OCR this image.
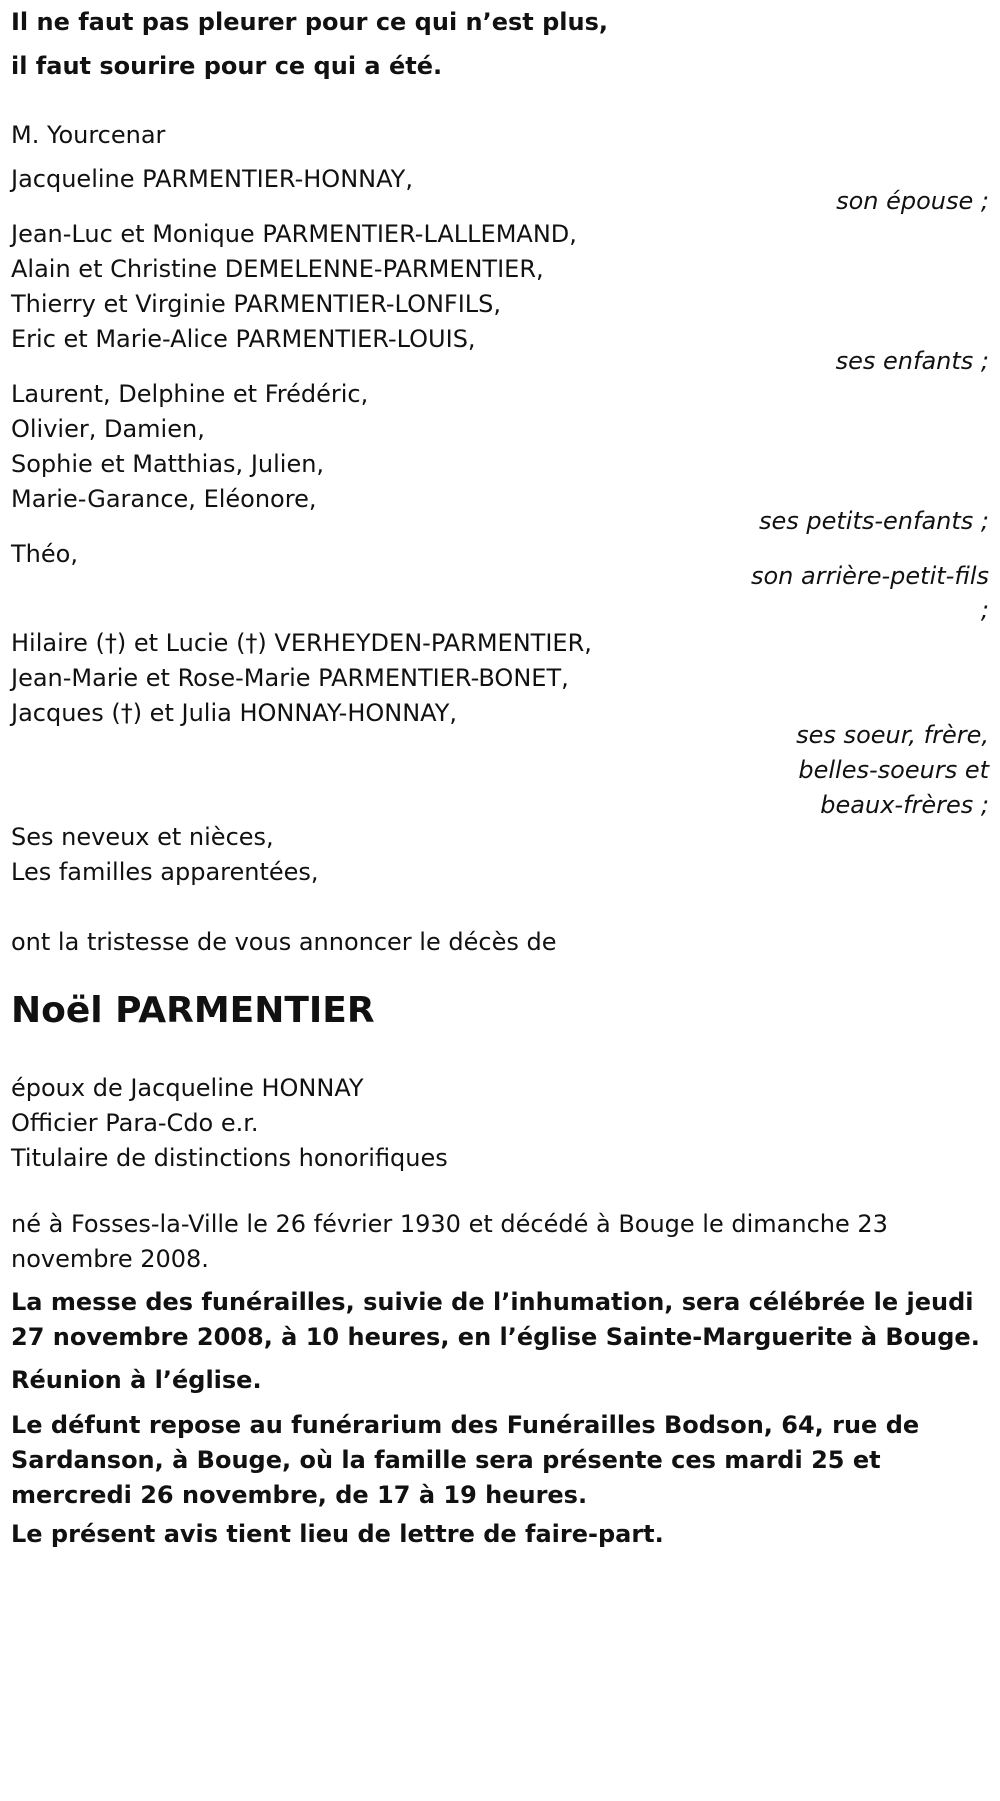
Il ne faut pas pleurer pour ce qui n’est plus,
il faut sourire pour ce qui a été.
M. Yourcenar
Jacqueline PARMENTIER-HONNAY,
son épouse ;
Jean-Luc et Monique PARMENTIER-LALLEMAND,
Alain et Christine DEMELENNE-PARMENTIER,
Thierry et Virginie PARMENTIER-LONFILS,
Eric et Marie-Alice PARMENTIER-LOUIS,
ses enfants ;
Laurent, Delphine et Frédéric,
Olivier, Damien,
Sophie et Matthias, Julien,
Marie-Garance, Eléonore,
ses petits-enfants ;
Théo,
son arrière-petit-fils
;
Hilaire (†) et Lucie (†) VERHEYDEN-PARMENTIER,
Jean-Marie et Rose-Marie PARMENTIER-BONET,
Jacques (†) et Julia HONNAY-HONNAY,
ses soeur, frère,
belles-soeurs et
beaux-frères ;
Ses neveux et nièces,
Les familles apparentées,
ont la tristesse de vous annoncer le décès de
Noël PARMENTIER
époux de Jacqueline HONNAY
Officier Para-Cdo e.r.
Titulaire de distinctions honorifiques
né à Fosses-la-Ville le 26 février 1930 et décédé à Bouge le dimanche 23 novembre 2008.
La messe des funérailles, suivie de l’inhumation, sera célébrée le jeudi 27 novembre 2008, à 10 heures, en l’église Sainte-Marguerite à Bouge.
Réunion à l’église.
Le défunt repose au funérarium des Funérailles Bodson, 64, rue de Sardanson, à Bouge, où la famille sera présente ces mardi 25 et mercredi 26 novembre, de 17 à 19 heures.
Le présent avis tient lieu de lettre de faire-part.
